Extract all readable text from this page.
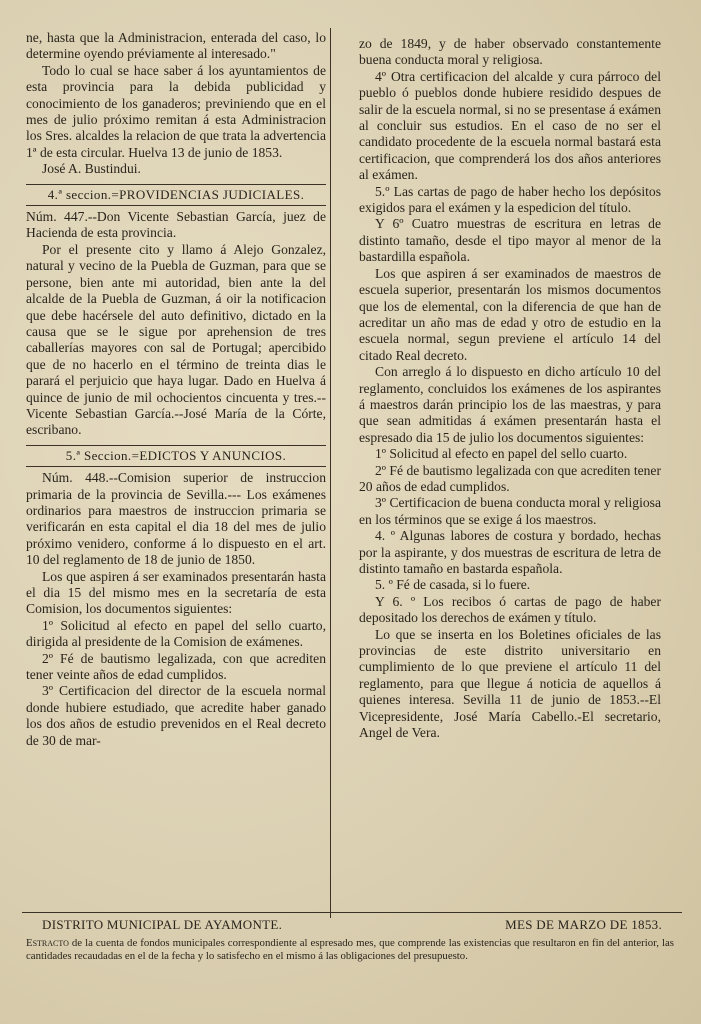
ne, hasta que la Administracion, enterada del caso, lo determine oyendo préviamente al interesado."

Todo lo cual se hace saber á los ayuntamientos de esta provincia para la debida publicidad y conocimiento de los ganaderos; previniendo que en el mes de julio próximo remitan á esta Administracion los Sres. alcaldes la relacion de que trata la advertencia 1ª de esta circular. Huelva 13 de junio de 1853.

José A. Bustindui.

4.ª seccion.=PROVIDENCIAS JUDICIALES.

Núm. 447.--Don Vicente Sebastian García, juez de Hacienda de esta provincia.

Por el presente cito y llamo á Alejo Gonzalez, natural y vecino de la Puebla de Guzman, para que se persone, bien ante mi autoridad, bien ante la del alcalde de la Puebla de Guzman, á oir la notificacion que debe hacérsele del auto definitivo, dictado en la causa que se le sigue por aprehension de tres caballerías mayores con sal de Portugal; apercibido que de no hacerlo en el término de treinta dias le parará el perjuicio que haya lugar. Dado en Huelva á quince de junio de mil ochocientos cincuenta y tres.--Vicente Sebastian García.--José María de la Córte, escribano.

5.ª Seccion.=EDICTOS Y ANUNCIOS.

Núm. 448.--Comision superior de instruccion primaria de la provincia de Sevilla.--- Los exámenes ordinarios para maestros de instruccion primaria se verificarán en esta capital el dia 18 del mes de julio próximo venidero, conforme á lo dispuesto en el art. 10 del reglamento de 18 de junio de 1850.

Los que aspiren á ser examinados presentarán hasta el dia 15 del mismo mes en la secretaría de esta Comision, los documentos siguientes:

1º Solicitud al efecto en papel del sello cuarto, dirigida al presidente de la Comision de exámenes.

2º Fé de bautismo legalizada, con que acrediten tener veinte años de edad cumplidos.

3º Certificacion del director de la escuela normal donde hubiere estudiado, que acredite haber ganado los dos años de estudio prevenidos en el Real decreto de 30 de mar-

zo de 1849, y de haber observado constantemente buena conducta moral y religiosa.

4º Otra certificacion del alcalde y cura párroco del pueblo ó pueblos donde hubiere residido despues de salir de la escuela normal, si no se presentase á exámen al concluir sus estudios. En el caso de no ser el candidato procedente de la escuela normal bastará esta certificacion, que comprenderá los dos años anteriores al exámen.

5.º Las cartas de pago de haber hecho los depósitos exigidos para el exámen y la espedicion del título.

Y 6º Cuatro muestras de escritura en letras de distinto tamaño, desde el tipo mayor al menor de la bastardilla española.

Los que aspiren á ser examinados de maestros de escuela superior, presentarán los mismos documentos que los de elemental, con la diferencia de que han de acreditar un año mas de edad y otro de estudio en la escuela normal, segun previene el artículo 14 del citado Real decreto.

Con arreglo á lo dispuesto en dicho artículo 10 del reglamento, concluidos los exámenes de los aspirantes á maestros darán principio los de las maestras, y para que sean admitidas á exámen presentarán hasta el espresado dia 15 de julio los documentos siguientes:

1º Solicitud al efecto en papel del sello cuarto.

2º Fé de bautismo legalizada con que acrediten tener 20 años de edad cumplidos.

3º Certificacion de buena conducta moral y religiosa en los términos que se exige á los maestros.

4. º Algunas labores de costura y bordado, hechas por la aspirante, y dos muestras de escritura de letra de distinto tamaño en bastarda española.

5. º Fé de casada, si lo fuere.

Y 6. º Los recibos ó cartas de pago de haber depositado los derechos de exámen y título.

Lo que se inserta en los Boletines oficiales de las provincias de este distrito universitario en cumplimiento de lo que previene el artículo 11 del reglamento, para que llegue á noticia de aquellos á quienes interesa. Sevilla 11 de junio de 1853.--El Vicepresidente, José María Cabello.-El secretario, Angel de Vera.

DISTRITO MUNICIPAL DE AYAMONTE.	MES DE MARZO DE 1853.
Estracto de la cuenta de fondos municipales correspondiente al espresado mes, que comprende las existencias que resultaron en fin del anterior, las cantidades recaudadas en el de la fecha y lo satisfecho en el mismo á las obligaciones del presupuesto.
